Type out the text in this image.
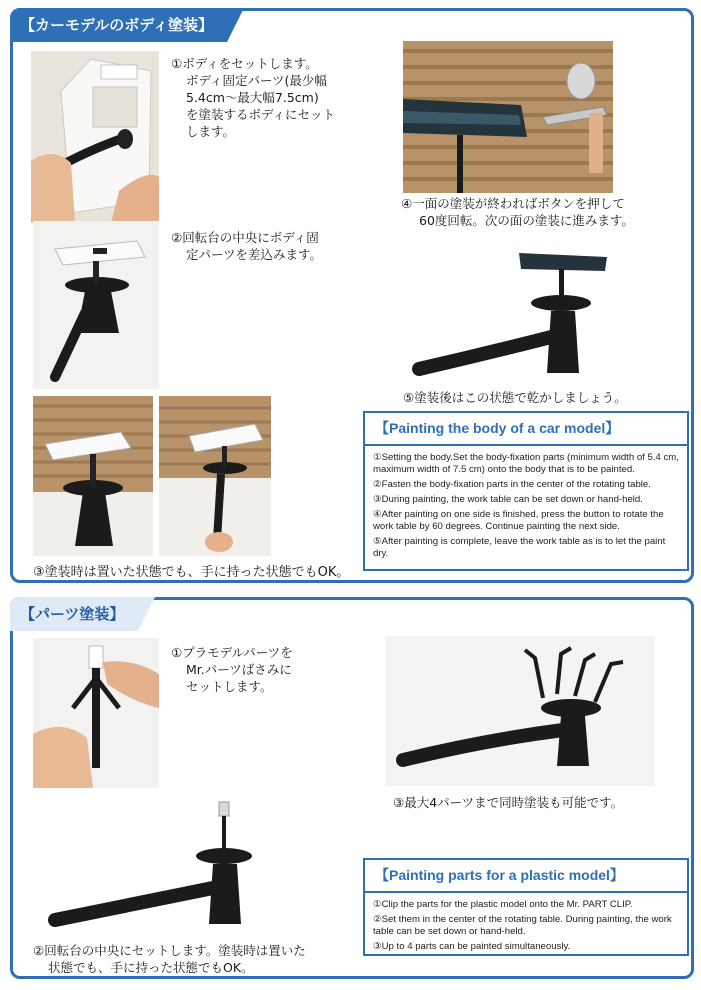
【カーモデルのボディ塗装】
①ボディをセットします。
ボディ固定パーツ(最少幅
5.4cm〜最大幅7.5cm)
を塗装するボディにセット
します。
②回転台の中央にボディ固
定パーツを差込みます。
③塗装時は置いた状態でも、手に持った状態でもOK。
④一面の塗装が終わればボタンを押して
60度回転。次の面の塗装に進みます。
⑤塗装後はこの状態で乾かしましょう。
【Painting the body of a car model】
①Setting the body.Set the body-fixation parts (minimum width of 5.4 cm, maximum width of 7.5 cm) onto the body that is to be painted.
②Fasten the body-fixation parts in the center of the rotating table.
③During painting, the work table can be set down or hand-held.
④After painting on one side is finished, press the button to rotate the work table by 60 degrees. Continue painting the next side.
⑤After painting is complete, leave the work table as is to let the paint dry.
【パーツ塗装】
①プラモデルパーツを
Mr.パーツばさみに
セットします。
②回転台の中央にセットします。塗装時は置いた
状態でも、手に持った状態でもOK。
③最大4パーツまで同時塗装も可能です。
【Painting parts for a plastic model】
①Clip the parts for the plastic model onto the Mr. PART CLIP.
②Set them in the center of the rotating table. During painting, the work table can be set down or hand-held.
③Up to 4 parts can be painted simultaneously.
